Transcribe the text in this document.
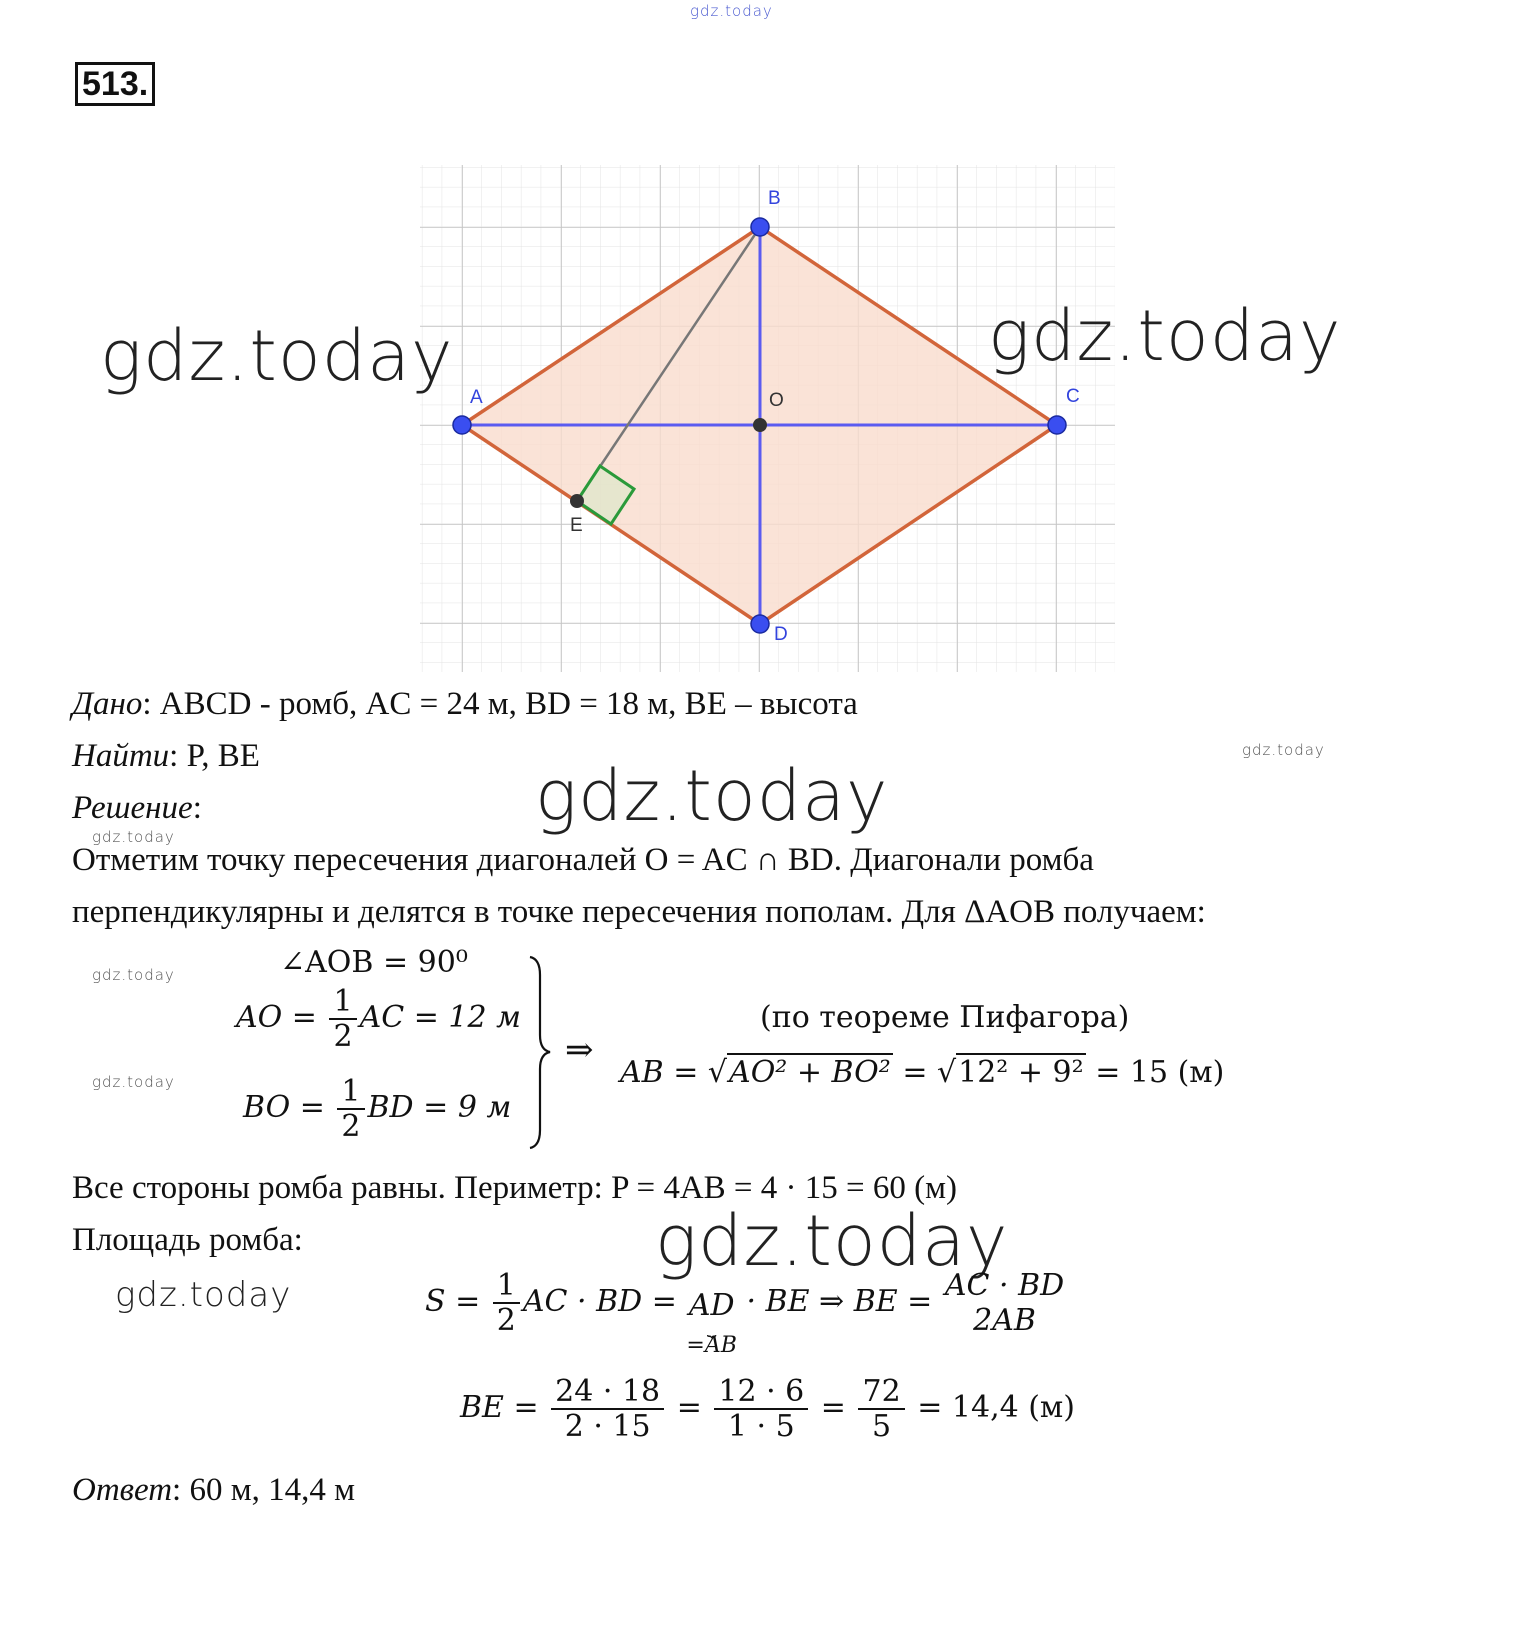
gdz.today
513.
A
B
C
D
O
E
gdz.today	gdz.today
Дано: ABCD - ромб, AC = 24 м, BD = 18 м, BE – высота
Найти: P, BE	gdz.today
Решение:	gdz.today
gdz.today
Отметим точку пересечения диагоналей O = AC ∩ BD. Диагонали ромба
перпендикулярны и делятся в точке пересечения пополам. Для ΔAOB получаем:
gdz.today
gdz.today
∠AOB = 90⁰
AO = $\frac{1}{2}$ AC = 12 м
BO = $\frac{1}{2}$ BD = 9 м
⇒
(по теореме Пифагора)
AB = √AO² + BO² = √12² + 9² = 15 (м)
Все стороны ромба равны. Периметр: P = 4AB = 4 · 15 = 60 (м)
Площадь ромба:	gdz.today
gdz.today	$S = \frac{1}{2}$ AC · BD = AD
⏟
=AB
· BE ⇒ BE = AC · BD
2AB
BE = $\frac{24 \cdot 18}{2 \cdot 15} = \frac{12 \cdot 6}{1 \cdot 5} = \frac{72}{5} = 14,4$ (м)
Ответ: 60 м, 14,4 м
